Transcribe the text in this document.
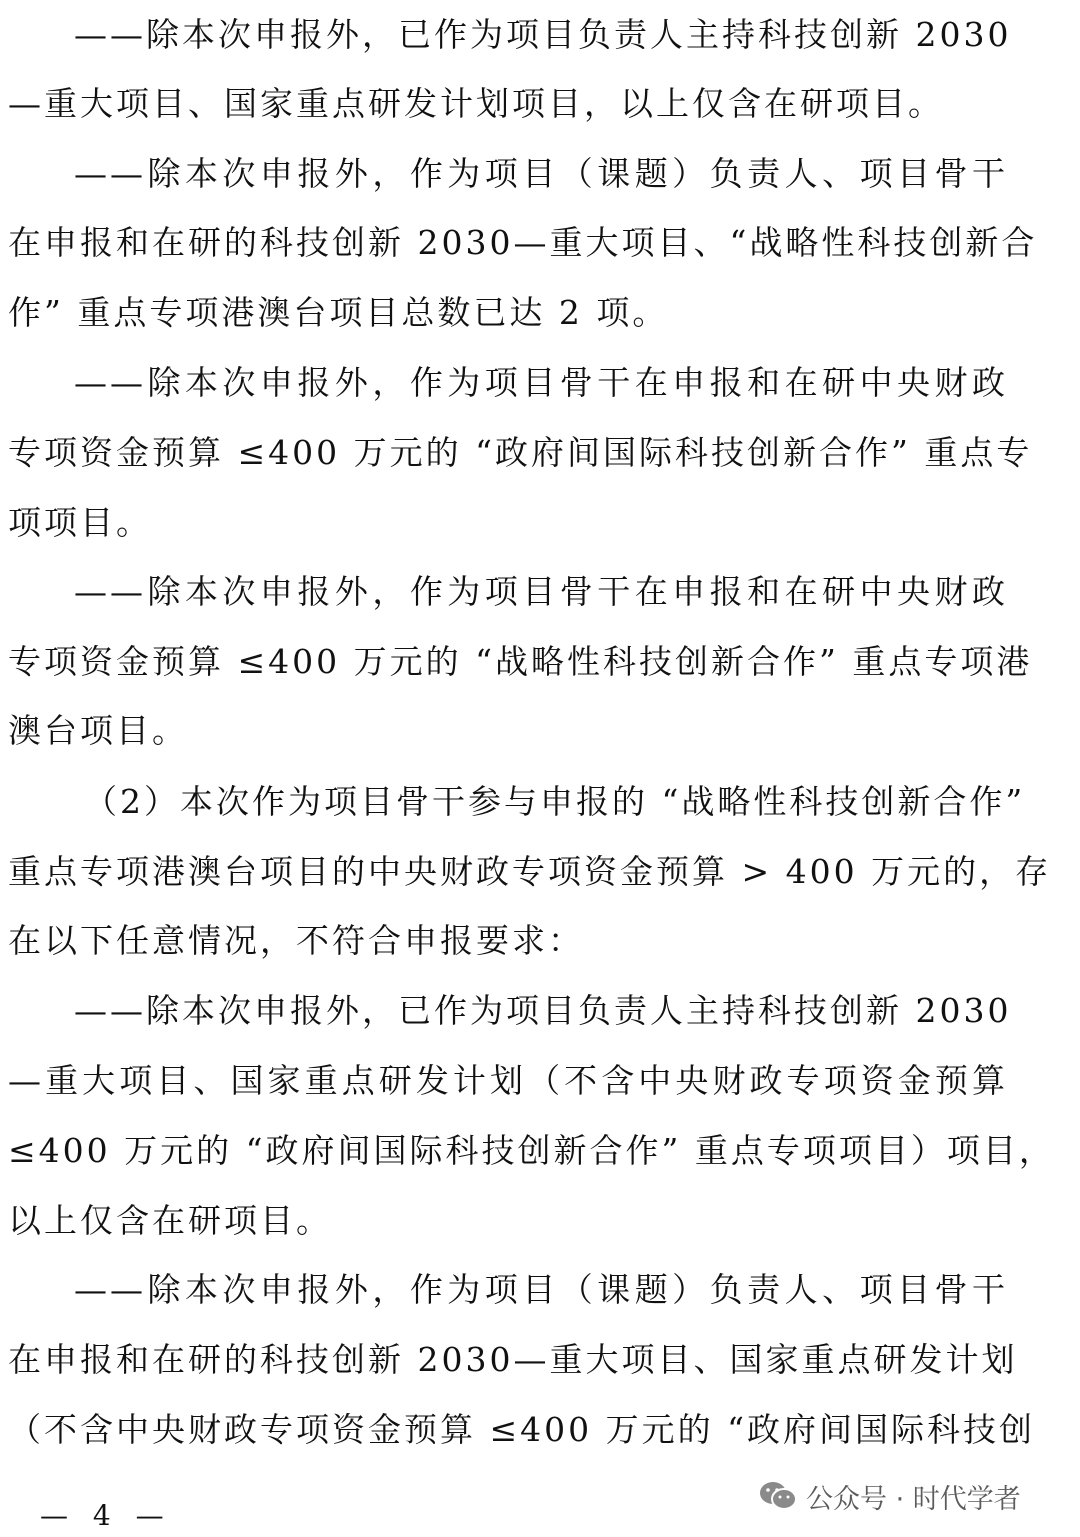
——除本次申报外，已作为项目负责人主持科技创新 2030
—重大项目、国家重点研发计划项目，以上仅含在研项目。
——除本次申报外，作为项目（课题）负责人、项目骨干
在申报和在研的科技创新 2030—重大项目、“战略性科技创新合
作” 重点专项港澳台项目总数已达 2 项。
——除本次申报外，作为项目骨干在申报和在研中央财政
专项资金预算 ≤400 万元的 “政府间国际科技创新合作” 重点专
项项目。
——除本次申报外，作为项目骨干在申报和在研中央财政
专项资金预算 ≤400 万元的 “战略性科技创新合作” 重点专项港
澳台项目。
（2）本次作为项目骨干参与申报的 “战略性科技创新合作”
重点专项港澳台项目的中央财政专项资金预算 > 400 万元的，存
在以下任意情况，不符合申报要求：
——除本次申报外，已作为项目负责人主持科技创新 2030
—重大项目、国家重点研发计划（不含中央财政专项资金预算
≤400 万元的 “政府间国际科技创新合作” 重点专项项目）项目，
以上仅含在研项目。
——除本次申报外，作为项目（课题）负责人、项目骨干
在申报和在研的科技创新 2030—重大项目、国家重点研发计划
（不含中央财政专项资金预算 ≤400 万元的 “政府间国际科技创
— 4 —	公众号 · 时代学者
